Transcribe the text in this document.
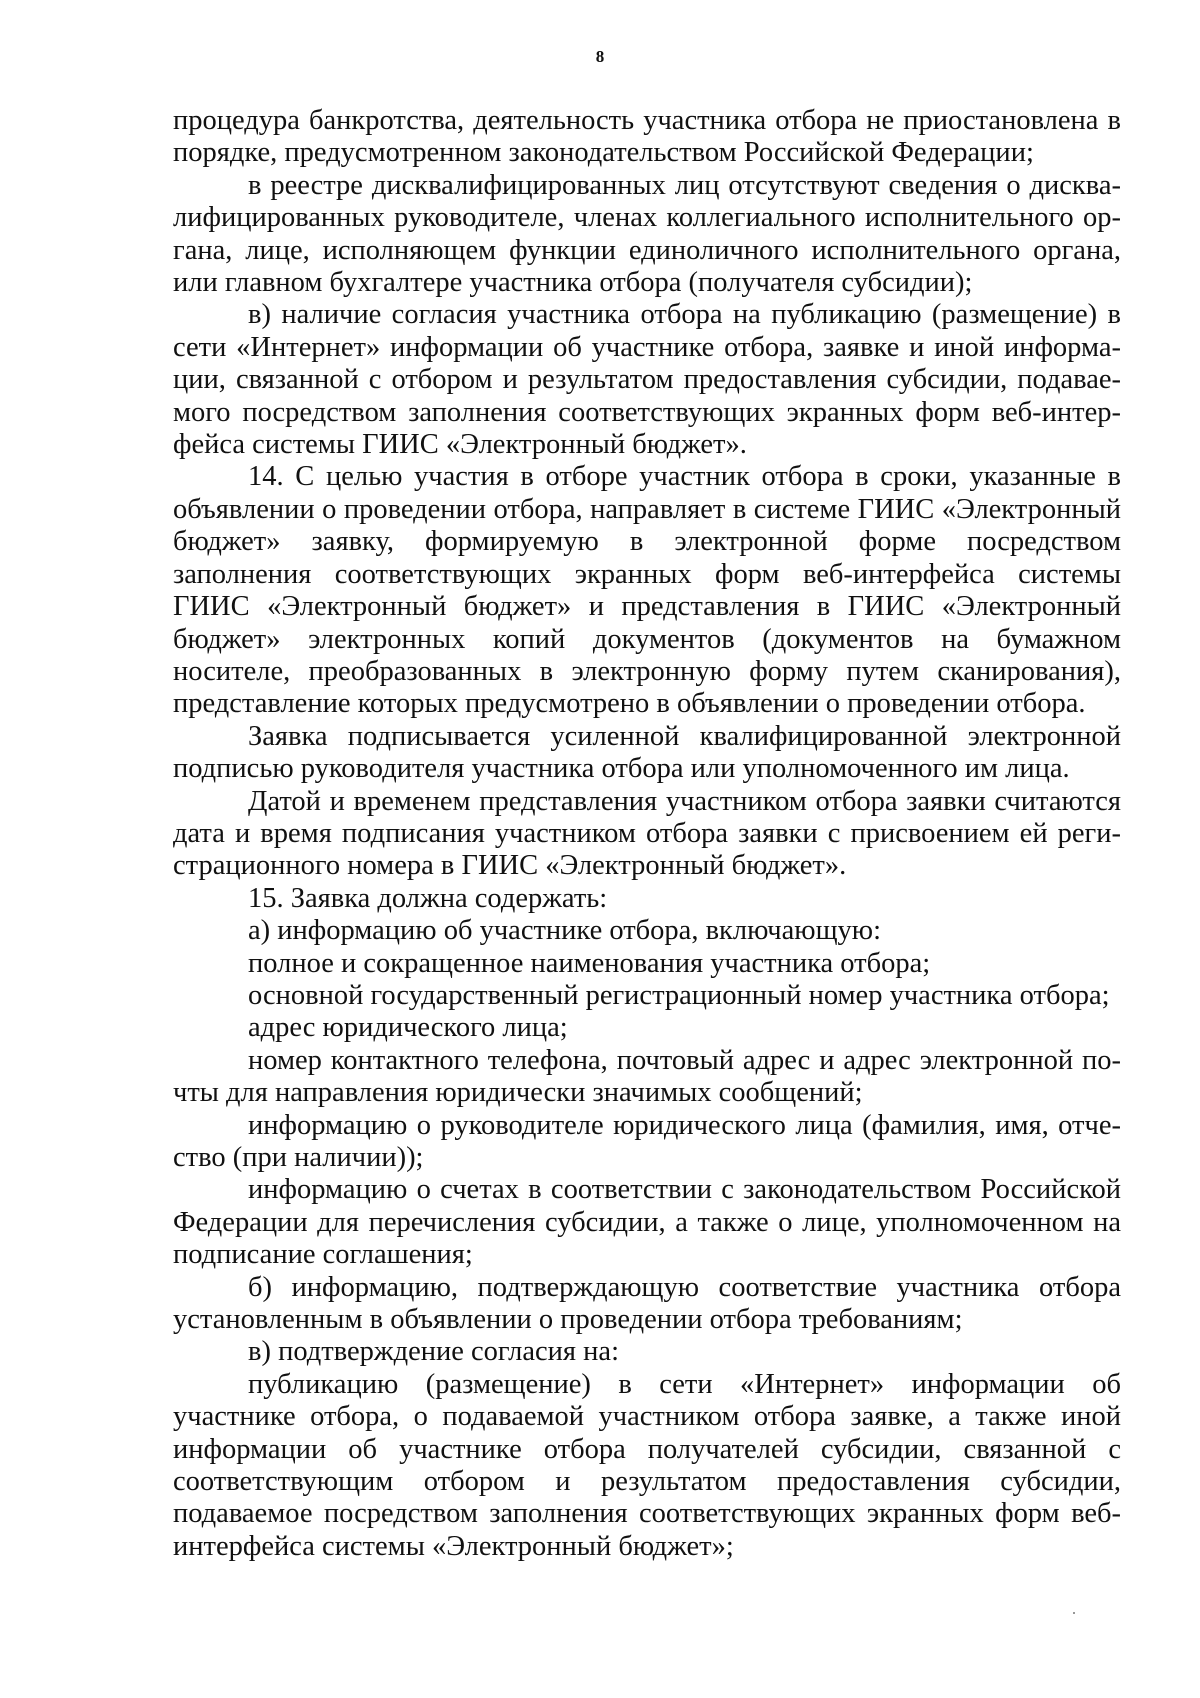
8

процедура банкротства, деятельность участника отбора не приостановлена в порядке, предусмотренном законодательством Российской Федерации;

в реестре дисквалифицированных лиц отсутствуют сведения о дисквалифицированных руководителе, членах коллегиального исполнительного органа, лице, исполняющем функции единоличного исполнительного органа, или главном бухгалтере участника отбора (получателя субсидии);

в) наличие согласия участника отбора на публикацию (размещение) в сети «Интернет» информации об участнике отбора, заявке и иной информации, связанной с отбором и результатом предоставления субсидии, подаваемого посредством заполнения соответствующих экранных форм веб-интерфейса системы ГИИС «Электронный бюджет».

14. С целью участия в отборе участник отбора в сроки, указанные в объявлении о проведении отбора, направляет в системе ГИИС «Электронный бюджет» заявку, формируемую в электронной форме посредством заполнения соответствующих экранных форм веб-интерфейса системы ГИИС «Электронный бюджет» и представления в ГИИС «Электронный бюджет» электронных копий документов (документов на бумажном носителе, преобразованных в электронную форму путем сканирования), представление которых предусмотрено в объявлении о проведении отбора.

Заявка подписывается усиленной квалифицированной электронной подписью руководителя участника отбора или уполномоченного им лица.

Датой и временем представления участником отбора заявки считаются дата и время подписания участником отбора заявки с присвоением ей регистрационного номера в ГИИС «Электронный бюджет».

15. Заявка должна содержать:

а) информацию об участнике отбора, включающую:

полное и сокращенное наименования участника отбора;

основной государственный регистрационный номер участника отбора;

адрес юридического лица;

номер контактного телефона, почтовый адрес и адрес электронной почты для направления юридически значимых сообщений;

информацию о руководителе юридического лица (фамилия, имя, отчество (при наличии));

информацию о счетах в соответствии с законодательством Российской Федерации для перечисления субсидии, а также о лице, уполномоченном на подписание соглашения;

б) информацию, подтверждающую соответствие участника отбора установленным в объявлении о проведении отбора требованиям;

в) подтверждение согласия на:

публикацию (размещение) в сети «Интернет» информации об участнике отбора, о подаваемой участником отбора заявке, а также иной информации об участнике отбора получателей субсидии, связанной с соответствующим отбором и результатом предоставления субсидии, подаваемое посредством заполнения соответствующих экранных форм веб-интерфейса системы «Электронный бюджет»;
